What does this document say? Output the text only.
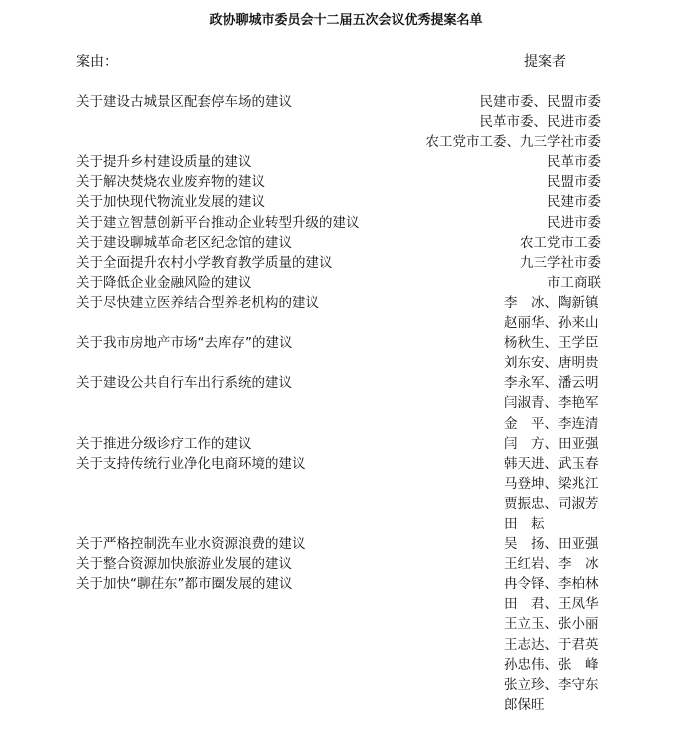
政协聊城市委员会十二届五次会议优秀提案名单
案由：	提案者
关于建设古城景区配套停车场的建议	民建市委、民盟市委
民革市委、民进市委
农工党市工委、九三学社市委
关于提升乡村建设质量的建议	民革市委
关于解决焚烧农业废弃物的建议	民盟市委
关于加快现代物流业发展的建议	民建市委
关于建立智慧创新平台推动企业转型升级的建议	民进市委
关于建设聊城革命老区纪念馆的建议	农工党市工委
关于全面提升农村小学教育教学质量的建议	九三学社市委
关于降低企业金融风险的建议	市工商联
关于尽快建立医养结合型养老机构的建议	李　冰、陶新镇
赵丽华、孙来山
关于我市房地产市场“去库存”的建议	杨秋生、王学臣
刘东安、唐明贵
关于建设公共自行车出行系统的建议	李永军、潘云明
闫淑青、李艳军
金　平、李连清
关于推进分级诊疗工作的建议	闫　方、田亚强
关于支持传统行业净化电商环境的建议	韩天进、武玉春
马登坤、梁兆江
贾振忠、司淑芳
田　耘
关于严格控制洗车业水资源浪费的建议	吴　扬、田亚强
关于整合资源加快旅游业发展的建议	王红岩、李　冰
关于加快“聊茌东”都市圈发展的建议	冉令铎、李柏林
田　君、王凤华
王立玉、张小丽
王志达、于君英
孙忠伟、张　峰
张立珍、李守东
郎保旺
